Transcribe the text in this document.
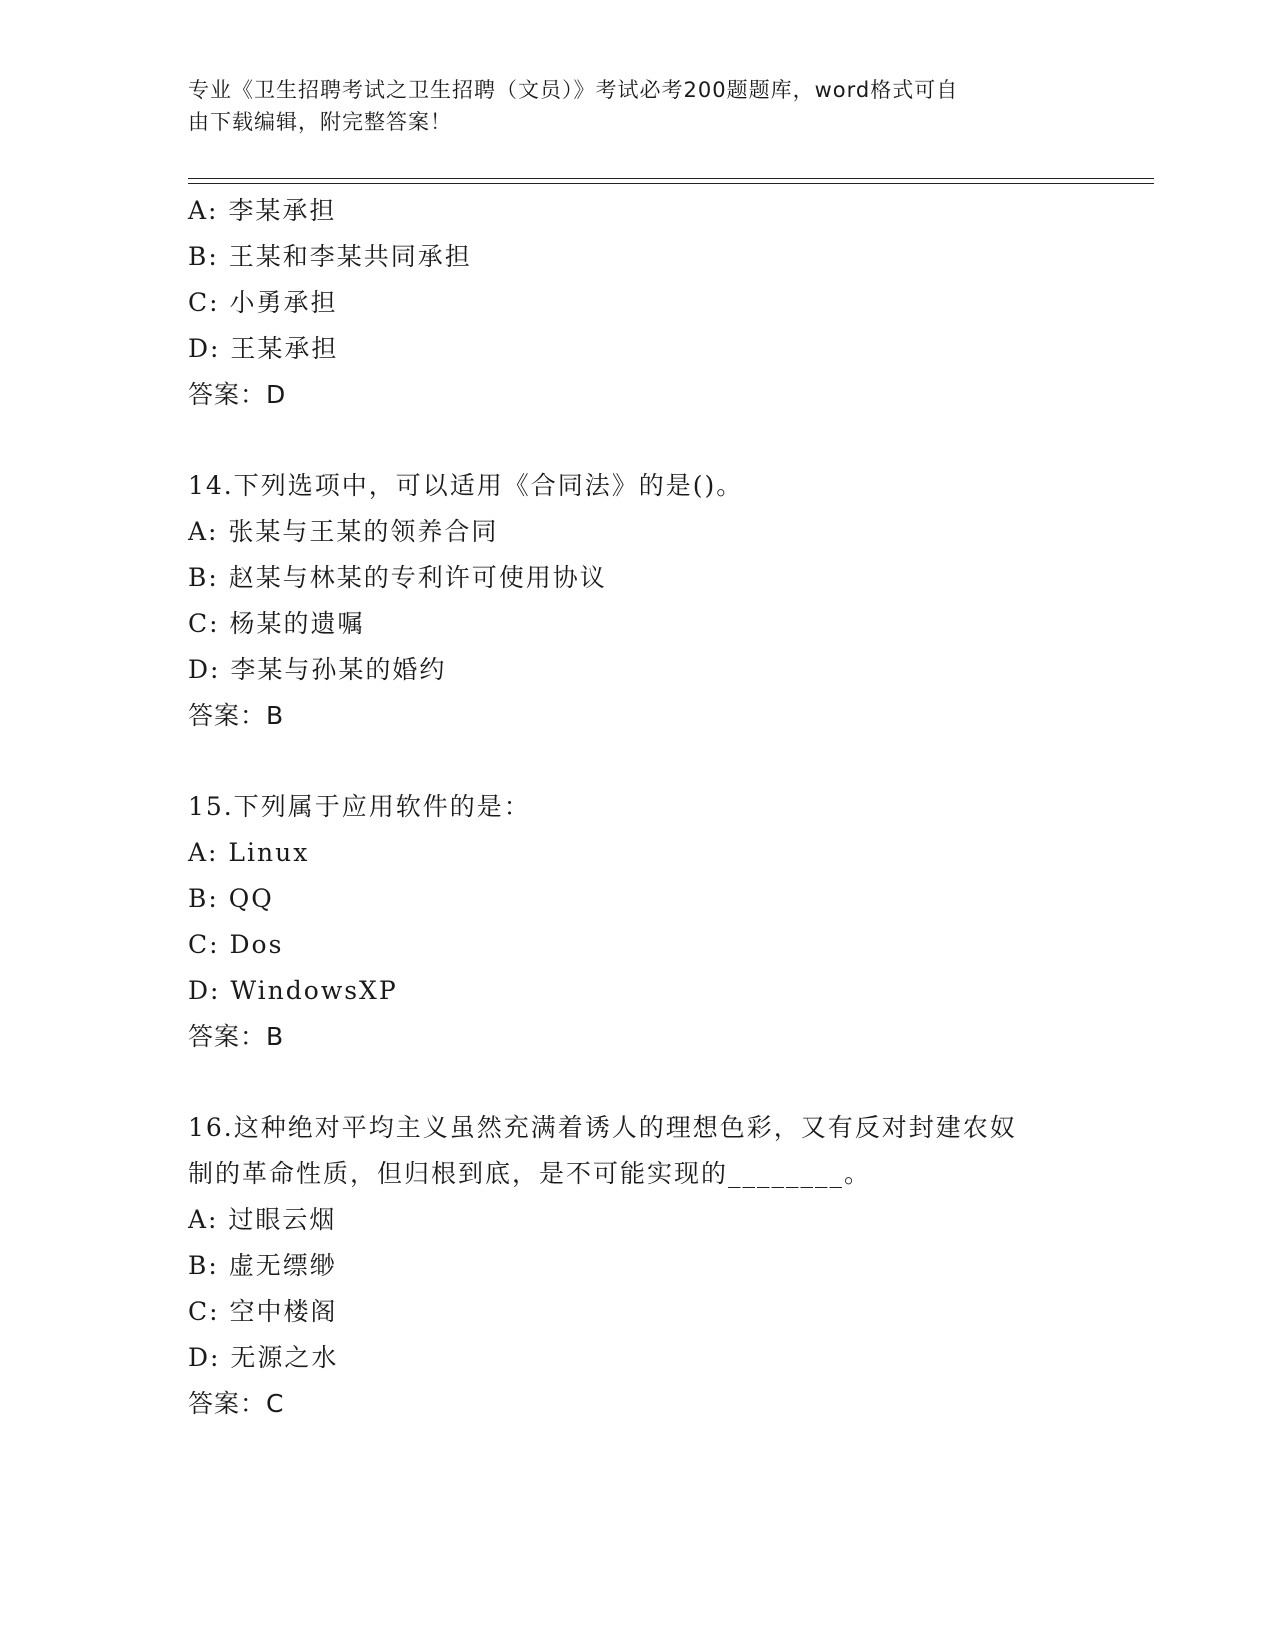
专业《卫生招聘考试之卫生招聘（文员）》考试必考200题题库，word格式可自
由下载编辑，附完整答案！
A: 李某承担
B: 王某和李某共同承担
C: 小勇承担
D: 王某承担
答案：D
14.下列选项中，可以适用《合同法》的是()。
A: 张某与王某的领养合同
B: 赵某与林某的专利许可使用协议
C: 杨某的遗嘱
D: 李某与孙某的婚约
答案：B
15.下列属于应用软件的是：
A: Linux
B: QQ
C: Dos
D: WindowsXP
答案：B
16.这种绝对平均主义虽然充满着诱人的理想色彩，又有反对封建农奴
制的革命性质，但归根到底，是不可能实现的________。
A: 过眼云烟
B: 虚无缥缈
C: 空中楼阁
D: 无源之水
答案：C
